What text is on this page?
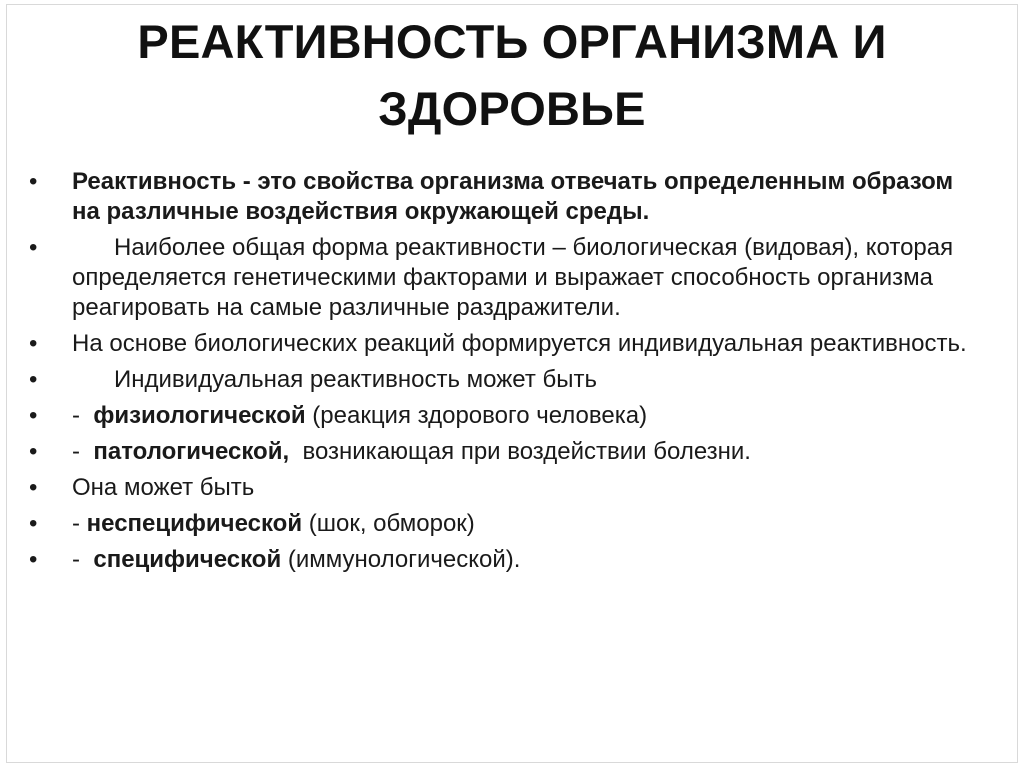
РЕАКТИВНОСТЬ ОРГАНИЗМА И
ЗДОРОВЬЕ
•	Реактивность - это свойства организма отвечать определенным образом на различные воздействия окружающей среды.
•	Наиболее общая форма реактивности – биологическая (видовая), которая определяется генетическими факторами и выражает способность организма реагировать на самые различные раздражители.
•	На основе биологических реакций формируется индивидуальная реактивность.
•	Индивидуальная реактивность может быть
•	-  физиологической (реакция здорового человека)
•	-  патологической,  возникающая при воздействии болезни.
•	Она может быть
•	- неспецифической (шок, обморок)
•	-  специфической (иммунологической).
